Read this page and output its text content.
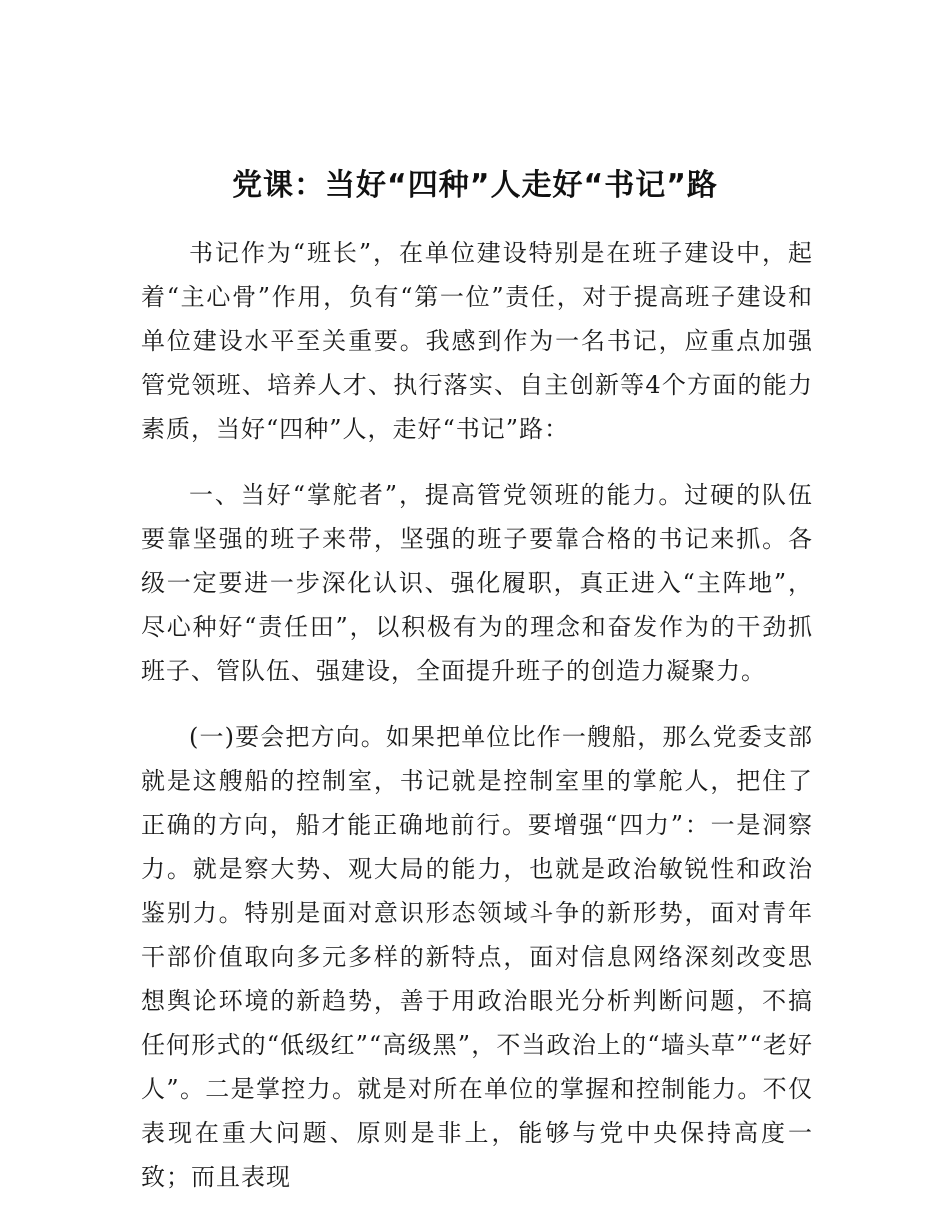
党课：当好“四种”人走好“书记”路

书记作为“班长”，在单位建设特别是在班子建设中，起着“主心骨”作用，负有“第一位”责任，对于提高班子建设和单位建设水平至关重要。我感到作为一名书记，应重点加强管党领班、培养人才、执行落实、自主创新等4个方面的能力素质，当好“四种”人，走好“书记”路：

一、当好“掌舵者”，提高管党领班的能力。过硬的队伍要靠坚强的班子来带，坚强的班子要靠合格的书记来抓。各级一定要进一步深化认识、强化履职，真正进入“主阵地”，尽心种好“责任田”，以积极有为的理念和奋发作为的干劲抓班子、管队伍、强建设，全面提升班子的创造力凝聚力。

(一)要会把方向。如果把单位比作一艘船，那么党委支部就是这艘船的控制室，书记就是控制室里的掌舵人，把住了正确的方向，船才能正确地前行。要增强“四力”：一是洞察力。就是察大势、观大局的能力，也就是政治敏锐性和政治鉴别力。特别是面对意识形态领域斗争的新形势，面对青年干部价值取向多元多样的新特点，面对信息网络深刻改变思想舆论环境的新趋势，善于用政治眼光分析判断问题，不搞任何形式的“低级红”“高级黑”，不当政治上的“墙头草”“老好人”。二是掌控力。就是对所在单位的掌握和控制能力。不仅表现在重大问题、原则是非上，能够与党中央保持高度一致；而且表现
